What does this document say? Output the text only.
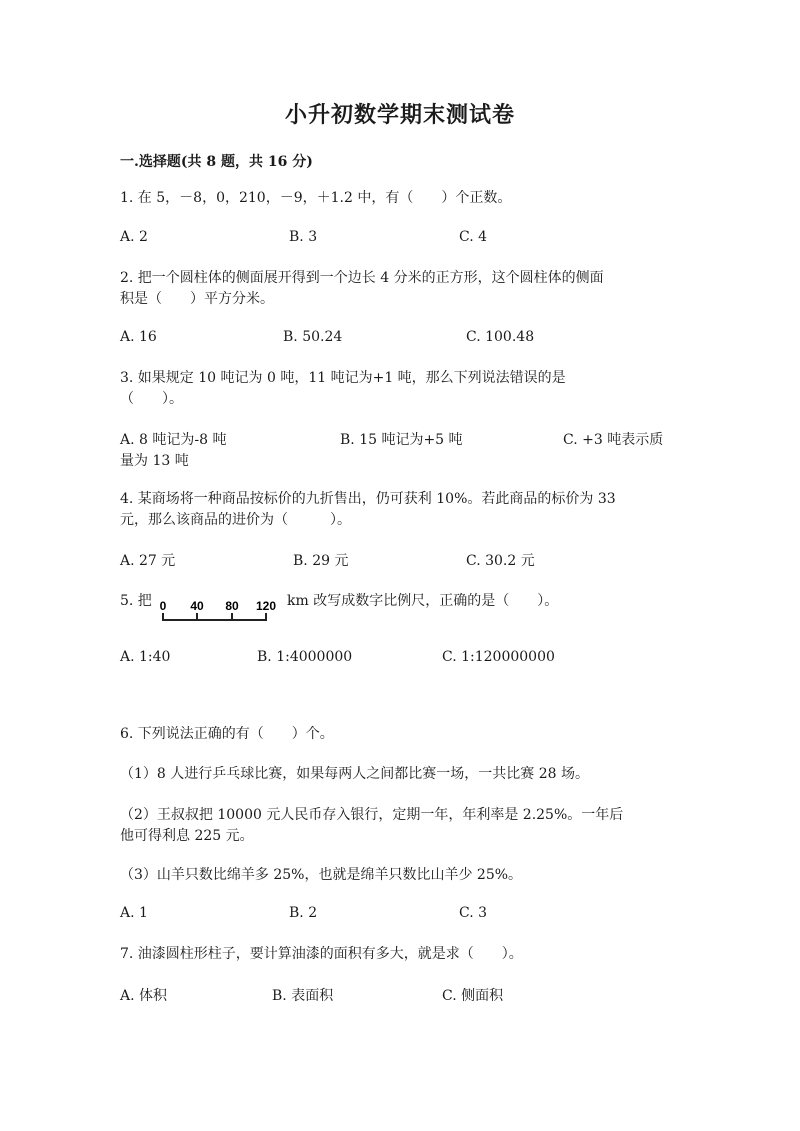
小升初数学期末测试卷
一.选择题(共 8 题，共 16 分)
1. 在 5，－8，0，210，－9，＋1.2 中，有（　　）个正数。
A. 2	B. 3	C. 4
2. 把一个圆柱体的侧面展开得到一个边长 4 分米的正方形，这个圆柱体的侧面
积是（　　）平方分米。
A. 16	B. 50.24	C. 100.48
3. 如果规定 10 吨记为 0 吨，11 吨记为+1 吨，那么下列说法错误的是
（　　）。
A. 8 吨记为-8 吨	B. 15 吨记为+5 吨	C. +3 吨表示质
量为 13 吨
4. 某商场将一种商品按标价的九折售出，仍可获利 10%。若此商品的标价为 33
元，那么该商品的进价为（　　　）。
A. 27 元	B. 29 元	C. 30.2 元
5. 把 0 40 80 120 km 改写成数字比例尺，正确的是（　　）。
A. 1:40	B. 1:4000000	C. 1:120000000
6. 下列说法正确的有（　　）个。
（1）8 人进行乒乓球比赛，如果每两人之间都比赛一场，一共比赛 28 场。
（2）王叔叔把 10000 元人民币存入银行，定期一年，年利率是 2.25%。一年后
他可得利息 225 元。
（3）山羊只数比绵羊多 25%，也就是绵羊只数比山羊少 25%。
A. 1	B. 2	C. 3
7. 油漆圆柱形柱子，要计算油漆的面积有多大，就是求（　　）。
A. 体积	B. 表面积	C. 侧面积
